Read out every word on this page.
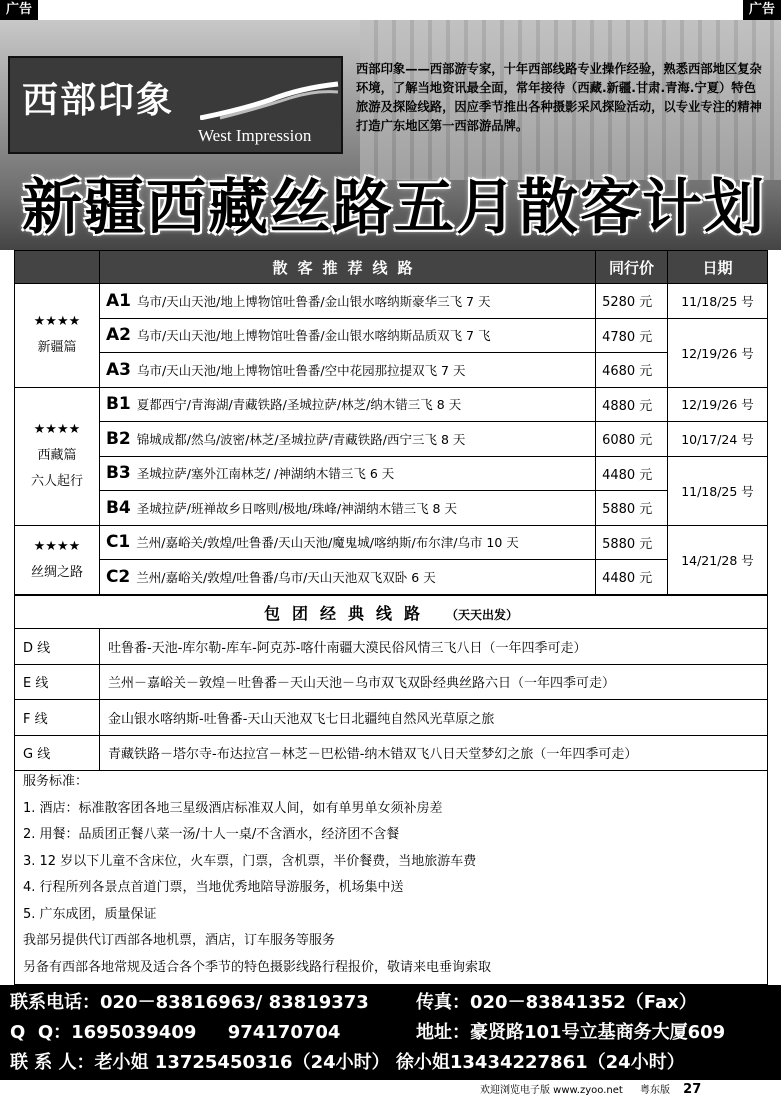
广告	广告
西部印象
West Impression
西部印象——西部游专家，十年西部线路专业操作经验，熟悉西部地区复杂环境，了解当地资讯最全面，常年接待（西藏.新疆.甘肃.青海.宁夏）特色旅游及探险线路，因应季节推出各种摄影采风探险活动，以专业专注的精神打造广东地区第一西部游品牌。
新疆西藏丝路五月散客计划
	散客推荐线路	同行价	日期

★★★★
新疆篇	A1 乌市/天山天池/地上博物馆吐鲁番/金山银水喀纳斯豪华三飞 7 天	5280 元	11/18/25 号
	A2 乌市/天山天池/地上博物馆吐鲁番/金山银水喀纳斯品质双飞 7 飞	4780 元	12/19/26 号
	A3 乌市/天山天池/地上博物馆吐鲁番/空中花园那拉提双飞 7 天	4680 元	

★★★★
西藏篇
六人起行	B1 夏都西宁/青海湖/青藏铁路/圣城拉萨/林芝/纳木错三飞 8 天	4880 元	12/19/26 号
	B2 锦城成都/然乌/波密/林芝/圣城拉萨/青藏铁路/西宁三飞 8 天	6080 元	10/17/24 号
	B3 圣城拉萨/塞外江南林芝/ /神湖纳木错三飞 6 天	4480 元	11/18/25 号
	B4 圣城拉萨/班禅故乡日喀则/极地/珠峰/神湖纳木错三飞 8 天	5880 元	

★★★★
丝绸之路	C1 兰州/嘉峪关/敦煌/吐鲁番/天山天池/魔鬼城/喀纳斯/布尔津/乌市 10 天	5880 元	14/21/28 号
	C2 兰州/嘉峪关/敦煌/吐鲁番/乌市/天山天池双飞双卧 6 天	4480 元	
包团经典线路 （天天出发）	
D 线	吐鲁番-天池-库尔勒-库车-阿克苏-喀什南疆大漠民俗风情三飞八日（一年四季可走）
E 线	兰州－嘉峪关－敦煌－吐鲁番－天山天池－乌市双飞双卧经典丝路六日（一年四季可走）
F 线	金山银水喀纳斯-吐鲁番-天山天池双飞七日北疆纯自然风光草原之旅
G 线	青藏铁路－塔尔寺-布达拉宫－林芝－巴松错-纳木错双飞八日天堂梦幻之旅（一年四季可走）
服务标准：
1. 酒店：标准散客团各地三星级酒店标准双人间，如有单男单女须补房差
2. 用餐：品质团正餐八菜一汤/十人一桌/不含酒水，经济团不含餐
3. 12 岁以下儿童不含床位，火车票，门票，含机票，半价餐费，当地旅游车费
4. 行程所列各景点首道门票，当地优秀地陪导游服务，机场集中送
5. 广东成团，质量保证
我部另提供代订西部各地机票，酒店，订车服务等服务
另备有西部各地常规及适合各个季节的特色摄影线路行程报价，敬请来电垂询索取
联系电话：020－83816963/ 83819373	传真：020－83841352（Fax）
Q  Q：1695039409     974170704	地址：豪贤路101号立基商务大厦609
联 系 人：老小姐 13725450316（24小时） 徐小姐13434227861（24小时）
欢迎浏览电子版 www.zyoo.net 粤东版 27
